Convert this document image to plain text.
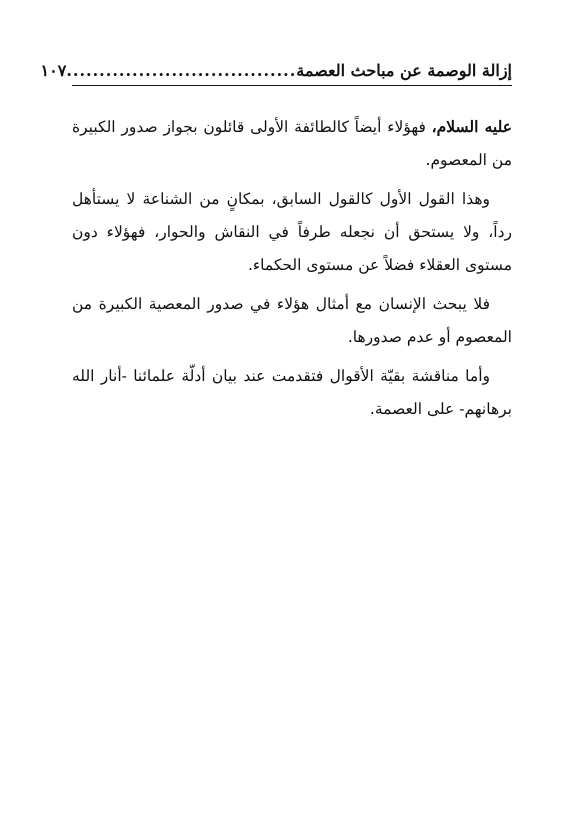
إزالة الوصمة عن مباحث العصمة
...................................
١٠٧

عليه السلام، فهؤلاء أيضاً كالطائفة الأولى قائلون بجواز صدور الكبيرة من المعصوم.

وهذا القول الأول كالقول السابق، بمكانٍ من الشناعة لا يستأهل رداً، ولا يستحق أن نجعله طرفاً في النقاش والحوار، فهؤلاء دون مستوى العقلاء فضلاً عن مستوى الحكماء.

فلا يبحث الإنسان مع أمثال هؤلاء في صدور المعصية الكبيرة من المعصوم أو عدم صدورها.

وأما مناقشة بقيّة الأقوال فتقدمت عند بيان أدلّة علمائنا -أنار الله برهانهم- على العصمة.
